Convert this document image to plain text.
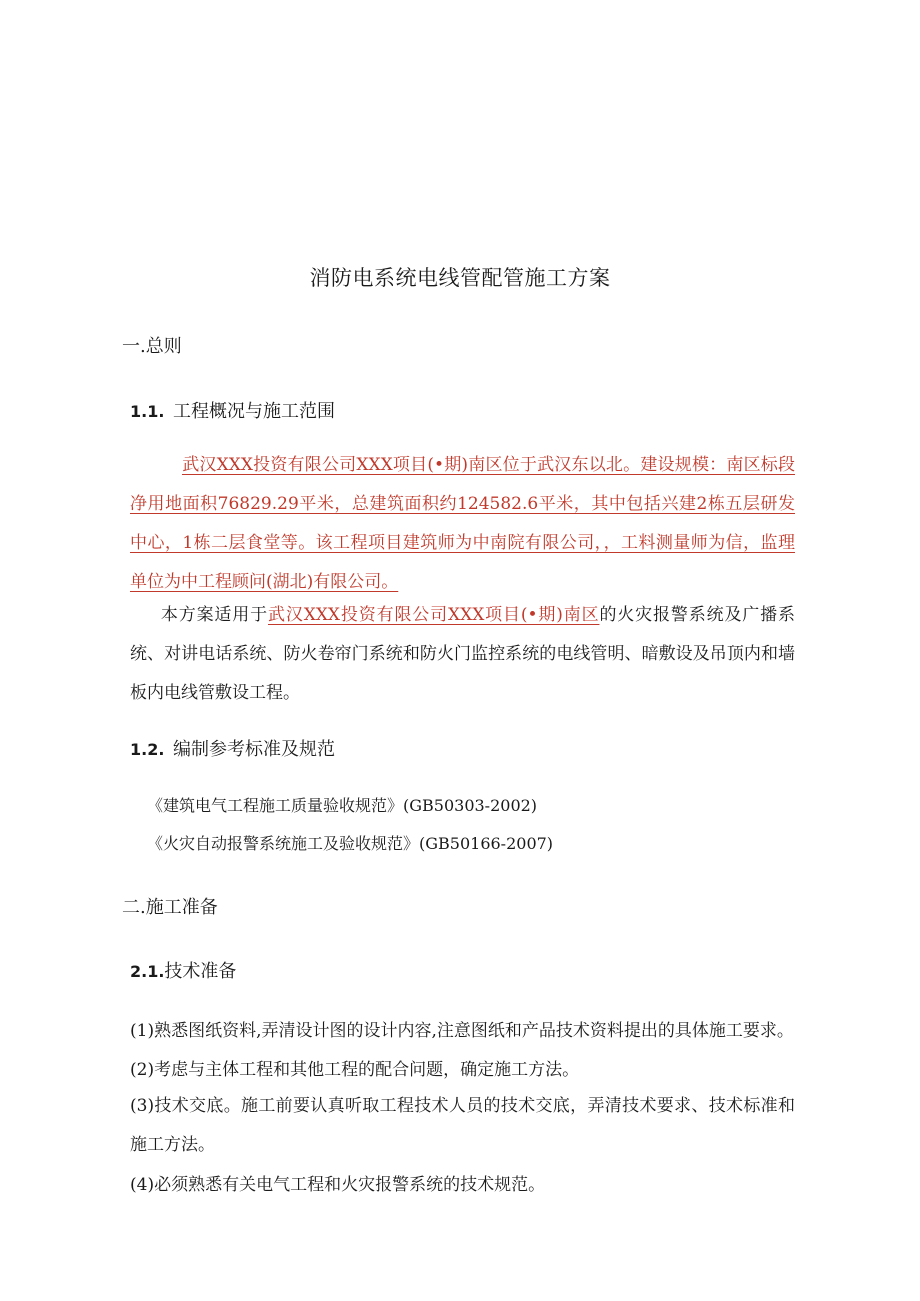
消防电系统电线管配管施工方案
一.总则
1.1. 工程概况与施工范围
武汉XXX投资有限公司XXX项目(•期)南区位于武汉东以北。建设规模：南区标段净用地面积76829.29平米，总建筑面积约124582.6平米，其中包括兴建2栋五层研发中心，1栋二层食堂等。该工程项目建筑师为中南院有限公司，，工料测量师为信，监理单位为中工程顾问(湖北)有限公司。
本方案适用于武汉XXX投资有限公司XXX项目(•期)南区的火灾报警系统及广播系统、对讲电话系统、防火卷帘门系统和防火门监控系统的电线管明、暗敷设及吊顶内和墙板内电线管敷设工程。
1.2. 编制参考标准及规范
《建筑电气工程施工质量验收规范》(GB50303-2002)
《火灾自动报警系统施工及验收规范》(GB50166-2007)
二.施工准备
2.1.技术准备
(1)熟悉图纸资料,弄清设计图的设计内容,注意图纸和产品技术资料提出的具体施工要求。
(2)考虑与主体工程和其他工程的配合问题，确定施工方法。
(3)技术交底。施工前要认真听取工程技术人员的技术交底，弄清技术要求、技术标准和施工方法。
(4)必须熟悉有关电气工程和火灾报警系统的技术规范。
